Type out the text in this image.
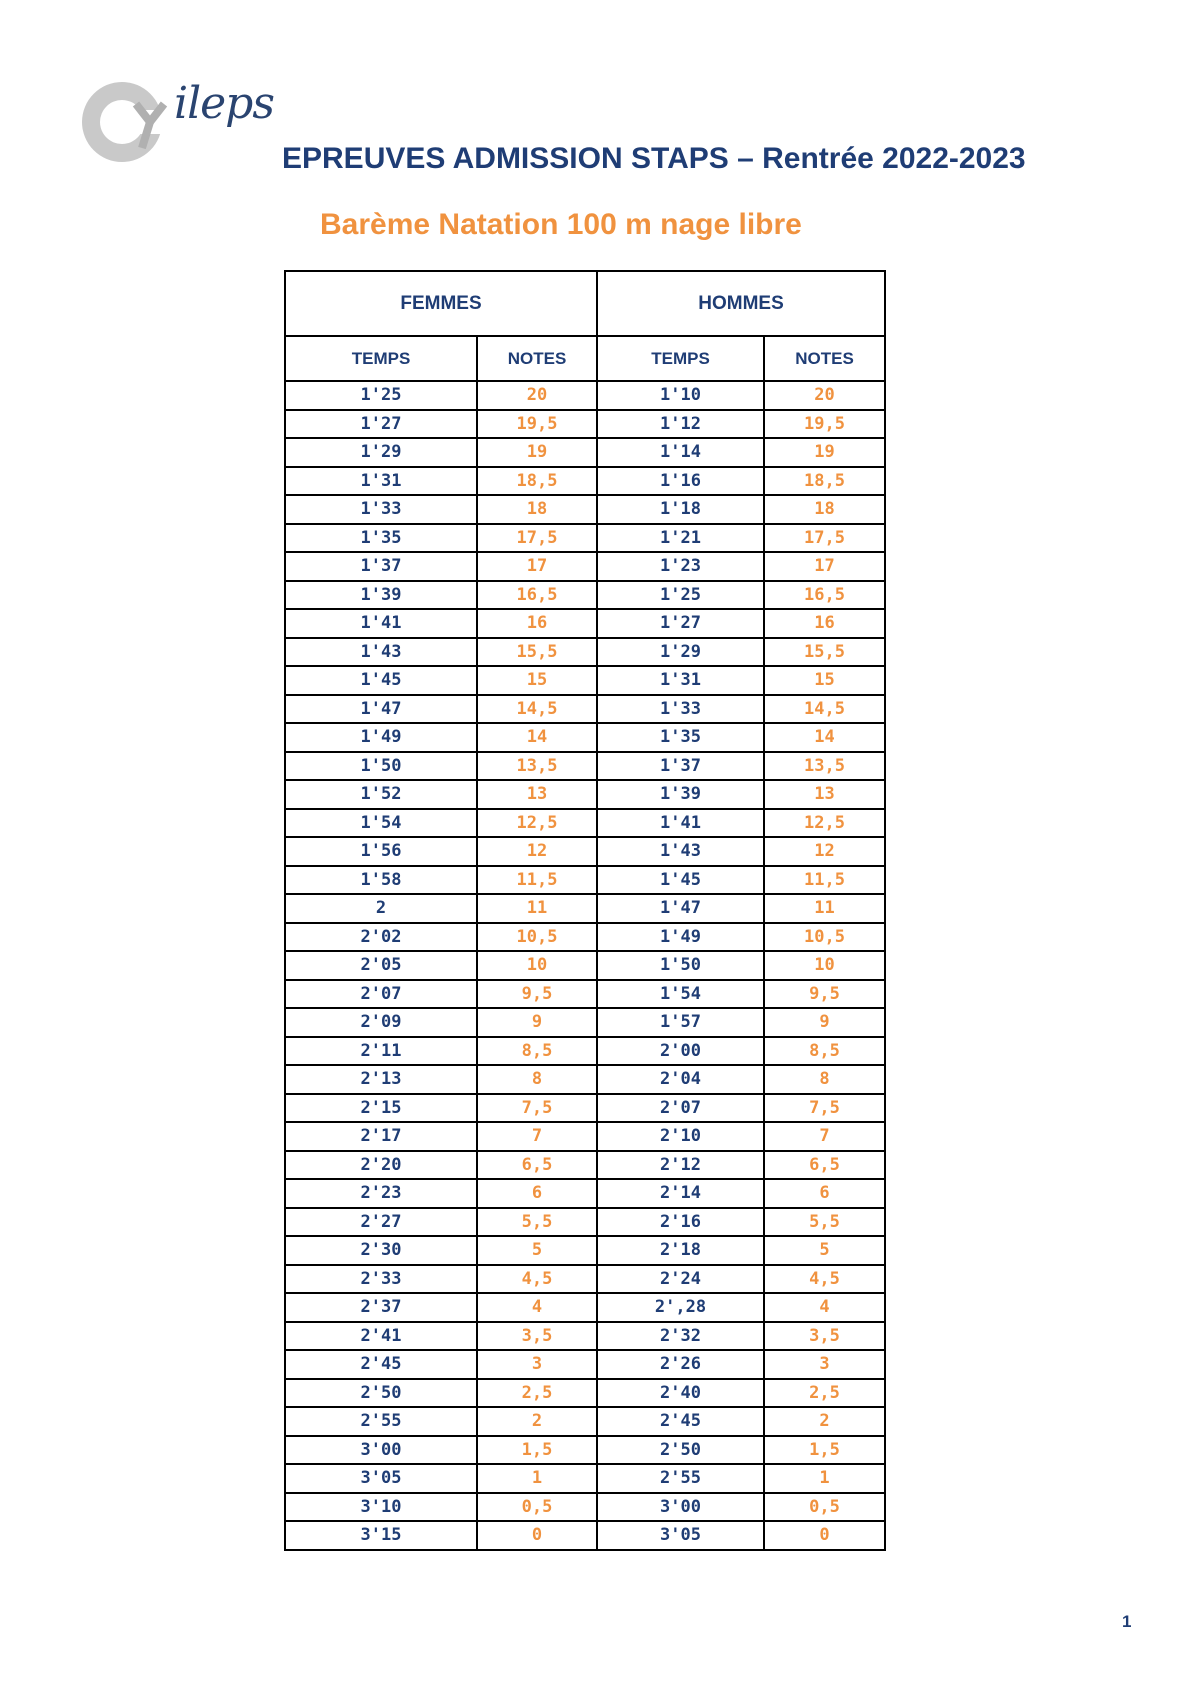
ileps
EPREUVES ADMISSION STAPS – Rentrée 2022-2023
Barème Natation 100 m nage libre
FEMMES		HOMMES	
TEMPS	NOTES	TEMPS	NOTES
1'25	20	1'10	20
1'27	19,5	1'12	19,5
1'29	19	1'14	19
1'31	18,5	1'16	18,5
1'33	18	1'18	18
1'35	17,5	1'21	17,5
1'37	17	1'23	17
1'39	16,5	1'25	16,5
1'41	16	1'27	16
1'43	15,5	1'29	15,5
1'45	15	1'31	15
1'47	14,5	1'33	14,5
1'49	14	1'35	14
1'50	13,5	1'37	13,5
1'52	13	1'39	13
1'54	12,5	1'41	12,5
1'56	12	1'43	12
1'58	11,5	1'45	11,5
2	11	1'47	11
2'02	10,5	1'49	10,5
2'05	10	1'50	10
2'07	9,5	1'54	9,5
2'09	9	1'57	9
2'11	8,5	2'00	8,5
2'13	8	2'04	8
2'15	7,5	2'07	7,5
2'17	7	2'10	7
2'20	6,5	2'12	6,5
2'23	6	2'14	6
2'27	5,5	2'16	5,5
2'30	5	2'18	5
2'33	4,5	2'24	4,5
2'37	4	2',28	4
2'41	3,5	2'32	3,5
2'45	3	2'26	3
2'50	2,5	2'40	2,5
2'55	2	2'45	2
3'00	1,5	2'50	1,5
3'05	1	2'55	1
3'10	0,5	3'00	0,5
3'15	0	3'05	0
1
